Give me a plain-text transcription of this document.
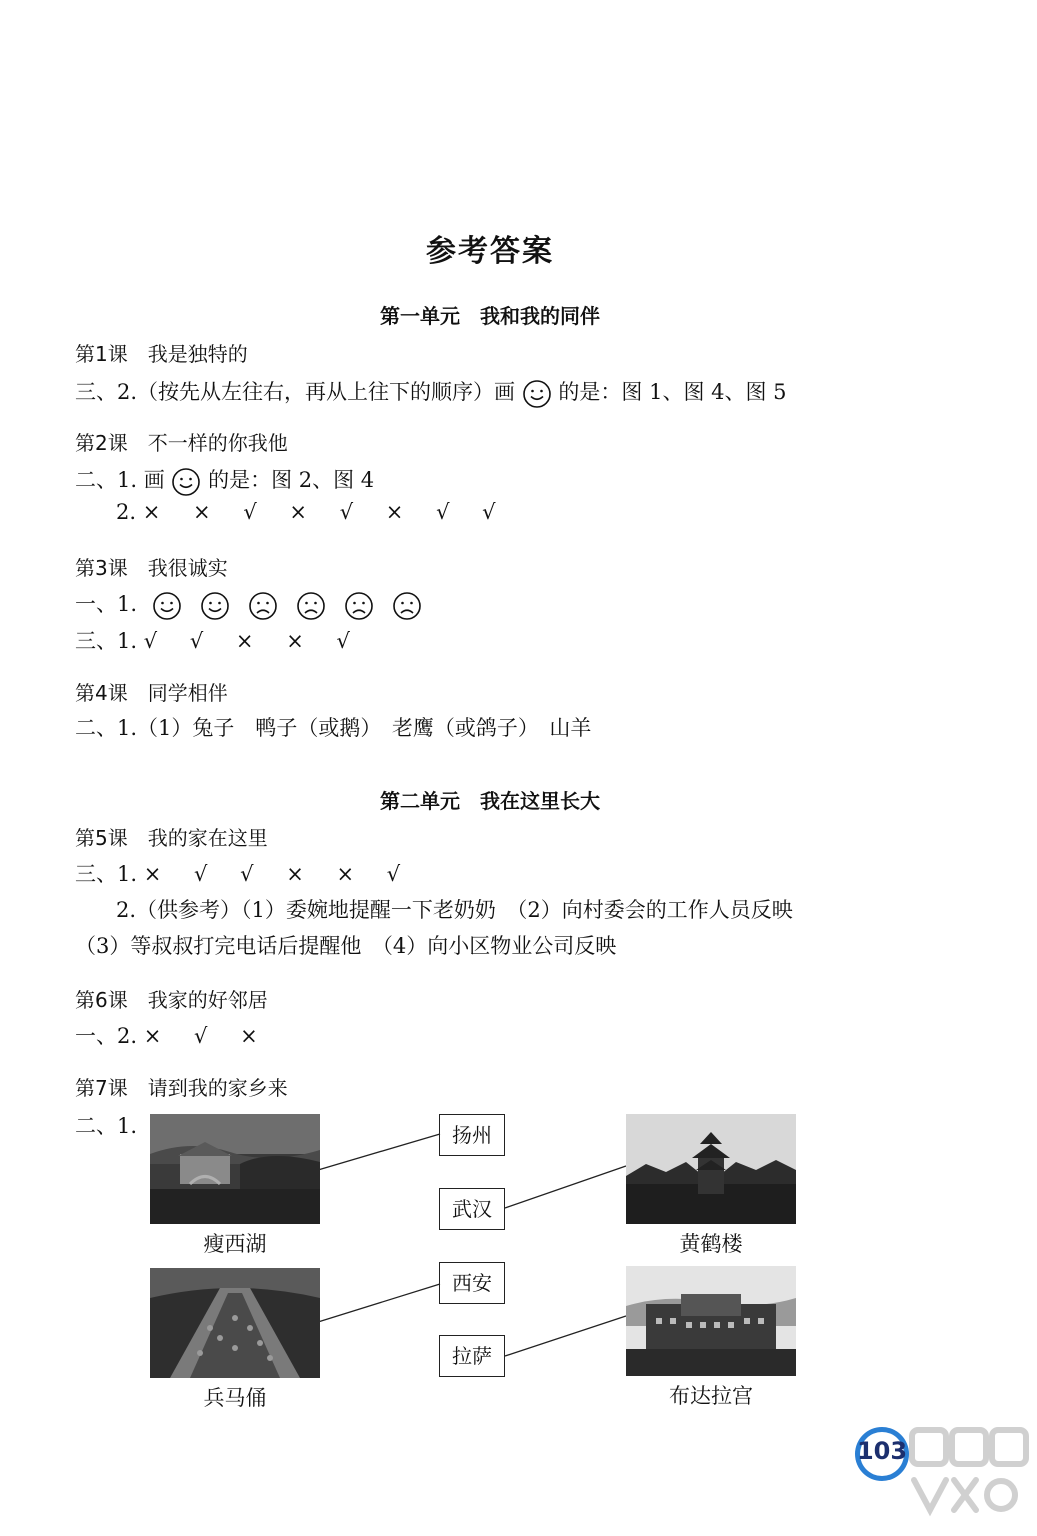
参考答案
第一单元　我和我的同伴
第1课　我是独特的
三、2.（按先从左往右，再从上往下的顺序）画 的是：图 1、图 4、图 5
第2课　不一样的你我他
二、1. 画 的是：图 2、图 4
2. × × √ × √ × √ √
第3课　我很诚实
一、1.
三、1. √ √ × × √
第4课　同学相伴
二、1.（1）兔子　鸭子（或鹅）　老鹰（或鸽子）　山羊
第二单元　我在这里长大
第5课　我的家在这里
三、1. × √ √ × × √
2.（供参考）（1）委婉地提醒一下老奶奶　（2）向村委会的工作人员反映
（3）等叔叔打完电话后提醒他　（4）向小区物业公司反映
第6课　我家的好邻居
一、2. × √ ×
第7课　请到我的家乡来
二、1.
瘦西湖	黄鹤楼
兵马俑	布达拉宫
扬州
武汉
西安
拉萨
103
